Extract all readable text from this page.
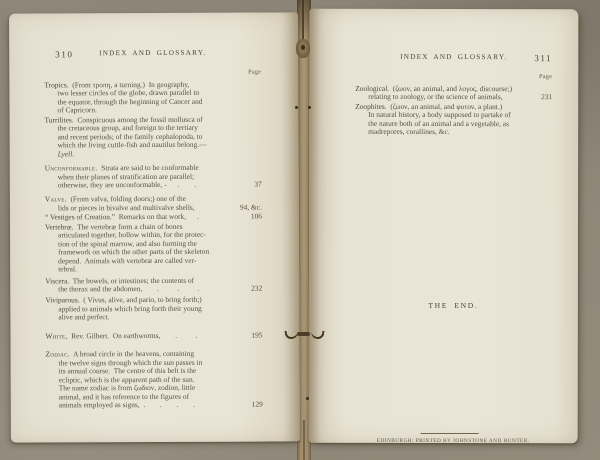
310	INDEX AND GLOSSARY.
Page
Tropics.  (From τροπη, a turning.)  In geography,
two lesser circles of the globe, drawn parallel to
the equator, through the beginning of Cancer and
of Capricorn.
Turrilites.  Conspicuous among the fossil mollusca of
the cretaceous group, and foreign to the tertiary
and recent periods; of the family cephalopoda, to
which the living cuttle-fish and nautilus belong.—
Lyell.
Unconformable.  Strata are said to be conformable
when their planes of stratification are parallel;
otherwise, they are unconformable, -      .        .	37
Valve.  (From valva, folding doors;) one of the
lids or pieces in bivalve and multivalve shells,	94, &c.
“ Vestiges of Creation.”  Remarks on that work,      .	106
Vertebræ.  The vertebræ form a chain of bones
articulated together, hollow within, for the protec-
tion of the spinal marrow, and also forming the
framework on which the other parts of the skeleton
depend.  Animals with vertebræ are called ver-
tebral.
Viscera.  The bowels, or intestines; the contents of
the thorax and the abdomen,        .          .          .	232
Viviparous.  ( Vivus, alive, and pario, to bring forth;)
applied to animals which bring forth their young
alive and perfect.
White,  Rev. Gilbert.  On earthworms,        .          .	195
Zodiac.  A broad circle in the heavens, containing
the twelve signs through which the sun passes in
its annual course.  The centre of this belt is the
ecliptic, which is the apparent path of the sun.
The name zodiac is from ζωδιον, zodion, little
animal, and it has reference to the figures of
animals employed as signs,  .        .        .        .	129
311
INDEX AND GLOSSARY.
Page
Zoological.  (ζωον, an animal, and λογος, discourse;)
relating to zoology, or the science of animals,	231
Zoophites.  (ζωον, an animal, and φυτον, a plant.)
In natural history, a body supposed to partake of
the nature both of an animal and a vegetable, as
madrepores, corallines, &c.
THE END.
EDINBURGH: PRINTED BY JOHNSTONE AND HUNTER.
